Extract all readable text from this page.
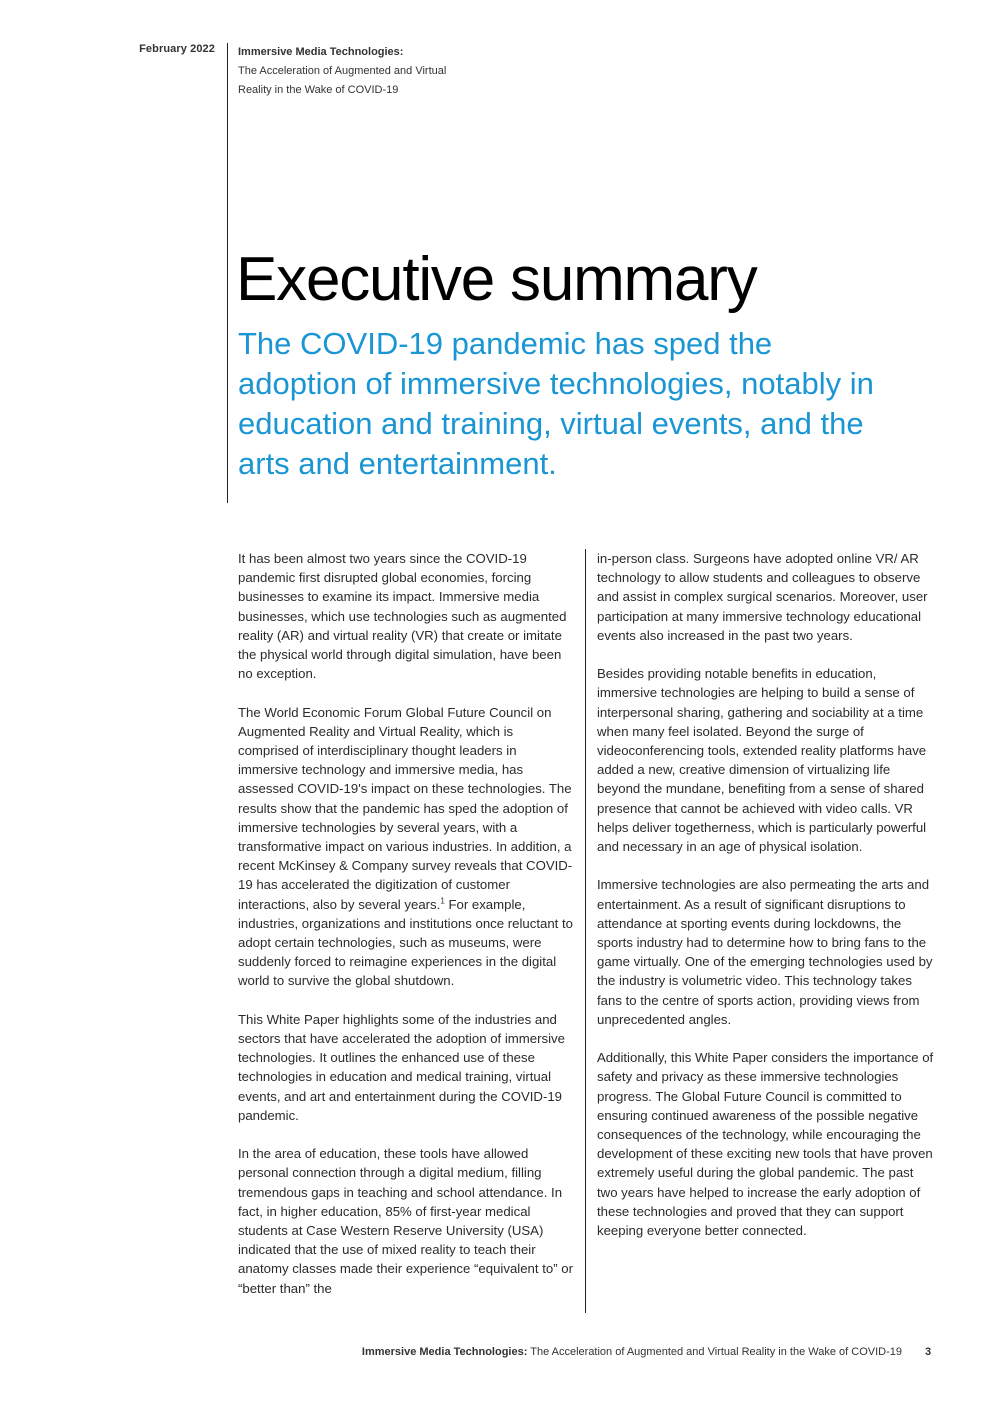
February 2022 Immersive Media Technologies:
The Acceleration of Augmented and Virtual
Reality in the Wake of COVID-19
Executive summary

The COVID-19 pandemic has sped the adoption of immersive technologies, notably in education and training, virtual events, and the arts and entertainment.

It has been almost two years since the COVID-19 pandemic first disrupted global economies, forcing businesses to examine its impact. Immersive media businesses, which use technologies such as augmented reality (AR) and virtual reality (VR) that create or imitate the physical world through digital simulation, have been no exception.

The World Economic Forum Global Future Council on Augmented Reality and Virtual Reality, which is comprised of interdisciplinary thought leaders in immersive technology and immersive media, has assessed COVID-19's impact on these technologies. The results show that the pandemic has sped the adoption of immersive technologies by several years, with a transformative impact on various industries. In addition, a recent McKinsey & Company survey reveals that COVID-19 has accelerated the digitization of customer interactions, also by several years.$^1$ For example, industries, organizations and institutions once reluctant to adopt certain technologies, such as museums, were suddenly forced to reimagine experiences in the digital world to survive the global shutdown.

This White Paper highlights some of the industries and sectors that have accelerated the adoption of immersive technologies. It outlines the enhanced use of these technologies in education and medical training, virtual events, and art and entertainment during the COVID-19 pandemic.

In the area of education, these tools have allowed personal connection through a digital medium, filling tremendous gaps in teaching and school attendance. In fact, in higher education, 85% of first-year medical students at Case Western Reserve University (USA) indicated that the use of mixed reality to teach their anatomy classes made their experience “equivalent to” or “better than” the

in-person class. Surgeons have adopted online VR/ AR technology to allow students and colleagues to observe and assist in complex surgical scenarios. Moreover, user participation at many immersive technology educational events also increased in the past two years.

Besides providing notable benefits in education, immersive technologies are helping to build a sense of interpersonal sharing, gathering and sociability at a time when many feel isolated. Beyond the surge of videoconferencing tools, extended reality platforms have added a new, creative dimension of virtualizing life beyond the mundane, benefiting from a sense of shared presence that cannot be achieved with video calls. VR helps deliver togetherness, which is particularly powerful and necessary in an age of physical isolation.

Immersive technologies are also permeating the arts and entertainment. As a result of significant disruptions to attendance at sporting events during lockdowns, the sports industry had to determine how to bring fans to the game virtually. One of the emerging technologies used by the industry is volumetric video. This technology takes fans to the centre of sports action, providing views from unprecedented angles.

Additionally, this White Paper considers the importance of safety and privacy as these immersive technologies progress. The Global Future Council is committed to ensuring continued awareness of the possible negative consequences of the technology, while encouraging the development of these exciting new tools that have proven extremely useful during the global pandemic. The past two years have helped to increase the early adoption of these technologies and proved that they can support keeping everyone better connected.

Immersive Media Technologies: The Acceleration of Augmented and Virtual Reality in the Wake of COVID-19 3
